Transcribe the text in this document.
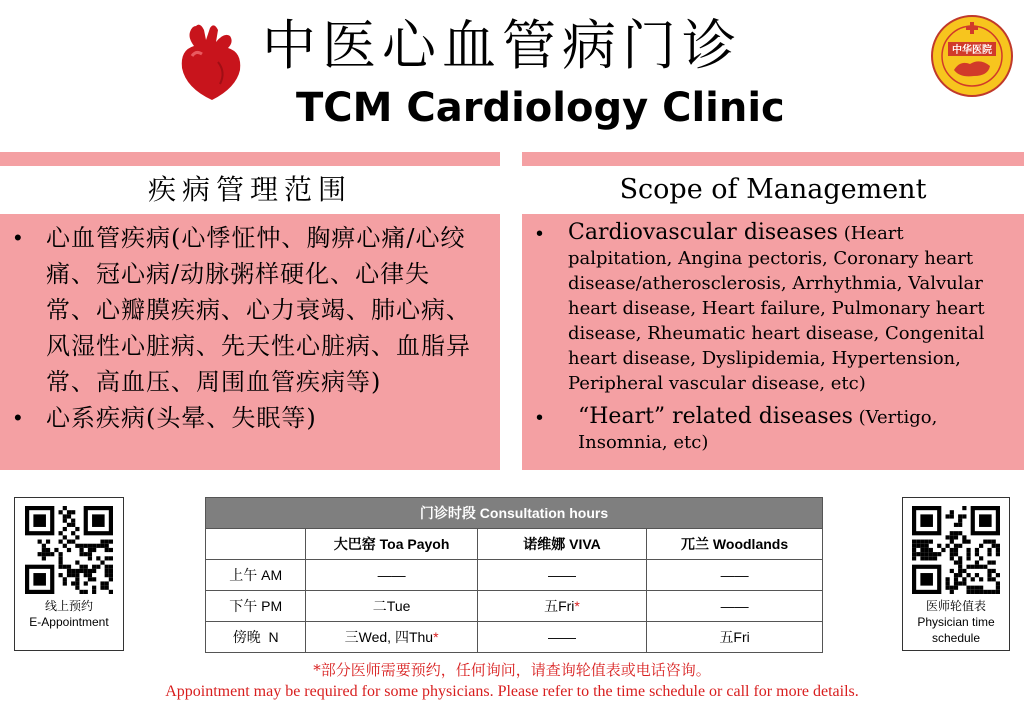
中医心血管病门诊
TCM Cardiology Clinic
中华医院
疾病管理范围	Scope of Management
• 心血管疾病(心悸怔忡、胸痹心痛/心绞痛、冠心病/动脉粥样硬化、心律失常、心瓣膜疾病、心力衰竭、肺心病、风湿性心脏病、先天性心脏病、血脂异常、高血压、周围血管疾病等)
• 心系疾病(头晕、失眠等)
• Cardiovascular diseases (Heart palpitation, Angina pectoris, Coronary heart disease/atherosclerosis, Arrhythmia, Valvular heart disease, Heart failure, Pulmonary heart disease, Rheumatic heart disease, Congenital heart disease, Dyslipidemia, Hypertension, Peripheral vascular disease, etc)
• “Heart” related diseases (Vertigo, Insomnia, etc)
线上预约
E-Appointment
医师轮值表
Physician time schedule
门诊时段 Consultation hours			
	大巴窑 Toa Payoh	诺维娜 VIVA	兀兰 Woodlands
上午 AM	——	——	——
下午 PM	二Tue	五Fri*	——
傍晚  N	三Wed, 四Thu*	——	五Fri
*部分医师需要预约，任何询问，请查询轮值表或电话咨询。
Appointment may be required for some physicians. Please refer to the time schedule or call for more details.
